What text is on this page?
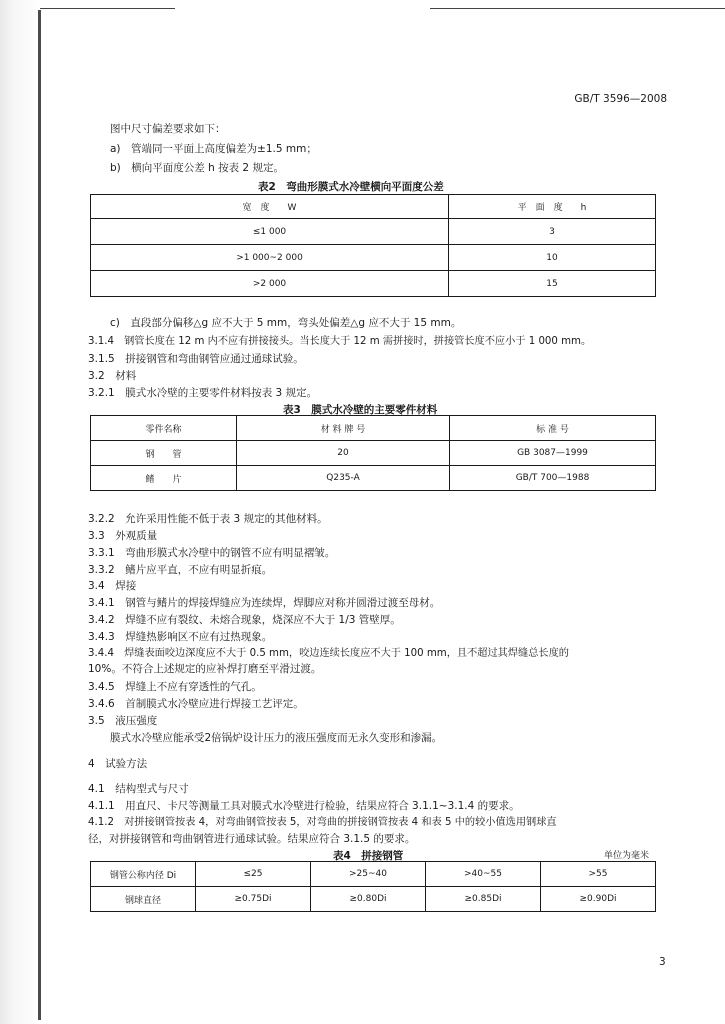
GB/T 3596—2008
图中尺寸偏差要求如下：
a)　管端同一平面上高度偏差为±1.5 mm；
b)　横向平面度公差 h 按表 2 规定。
表2　弯曲形膜式水冷壁横向平面度公差
宽　度　　W	平　面　度　　h
≤1 000	3
>1 000~2 000	10
>2 000	15
c)　直段部分偏移△g 应不大于 5 mm，弯头处偏差△g 应不大于 15 mm。
3.1.4　钢管长度在 12 m 内不应有拼接接头。当长度大于 12 m 需拼接时，拼接管长度不应小于 1 000 mm。
3.1.5　拼接钢管和弯曲钢管应通过通球试验。
3.2　材料
3.2.1　膜式水冷壁的主要零件材料按表 3 规定。
表3　膜式水冷壁的主要零件材料
零件名称	材 料 牌 号	标 准 号
钢　　管	20	GB 3087—1999
鳍　　片	Q235-A	GB/T 700—1988
3.2.2　允许采用性能不低于表 3 规定的其他材料。
3.3　外观质量
3.3.1　弯曲形膜式水冷壁中的钢管不应有明显褶皱。
3.3.2　鳍片应平直，不应有明显折痕。
3.4　焊接
3.4.1　钢管与鳍片的焊接焊缝应为连续焊，焊脚应对称并圆滑过渡至母材。
3.4.2　焊缝不应有裂纹、未熔合现象，烧深应不大于 1/3 管壁厚。
3.4.3　焊缝热影响区不应有过热现象。
3.4.4　焊缝表面咬边深度应不大于 0.5 mm，咬边连续长度应不大于 100 mm，且不超过其焊缝总长度的
10%。不符合上述规定的应补焊打磨至平滑过渡。
3.4.5　焊缝上不应有穿透性的气孔。
3.4.6　首制膜式水冷壁应进行焊接工艺评定。
3.5　液压强度
膜式水冷壁应能承受2倍锅炉设计压力的液压强度而无永久变形和渗漏。
4　试验方法
4.1　结构型式与尺寸
4.1.1　用直尺、卡尺等测量工具对膜式水冷壁进行检验，结果应符合 3.1.1~3.1.4 的要求。
4.1.2　对拼接钢管按表 4，对弯曲钢管按表 5，对弯曲的拼接钢管按表 4 和表 5 中的较小值选用钢球直
径，对拼接钢管和弯曲钢管进行通球试验。结果应符合 3.1.5 的要求。
表4　拼接钢管	单位为毫米
钢管公称内径 Di	≤25	>25~40	>40~55	>55
钢球直径	≥0.75Di	≥0.80Di	≥0.85Di	≥0.90Di
3
